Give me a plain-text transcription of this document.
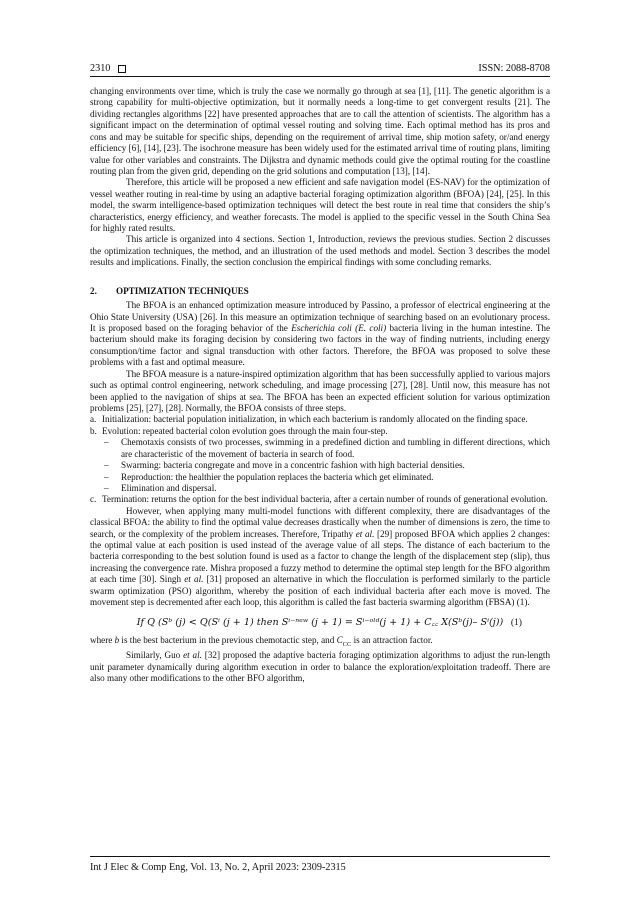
2310	ISSN: 2088-8708

changing environments over time, which is truly the case we normally go through at sea [1], [11]. The genetic algorithm is a strong capability for multi-objective optimization, but it normally needs a long-time to get convergent results [21]. The dividing rectangles algorithms [22] have presented approaches that are to call the attention of scientists. The algorithm has a significant impact on the determination of optimal vessel routing and solving time. Each optimal method has its pros and cons and may be suitable for specific ships, depending on the requirement of arrival time, ship motion safety, or/and energy efficiency [6], [14], [23]. The isochrone measure has been widely used for the estimated arrival time of routing plans, limiting value for other variables and constraints. The Dijkstra and dynamic methods could give the optimal routing for the coastline routing plan from the given grid, depending on the grid solutions and computation [13], [14].

Therefore, this article will be proposed a new efficient and safe navigation model (ES-NAV) for the optimization of vessel weather routing in real-time by using an adaptive bacterial foraging optimization algorithm (BFOA) [24], [25]. In this model, the swarm intelligence-based optimization techniques will detect the best route in real time that considers the ship’s characteristics, energy efficiency, and weather forecasts. The model is applied to the specific vessel in the South China Sea for highly rated results.

This article is organized into 4 sections. Section 1, Introduction, reviews the previous studies. Section 2 discusses the optimization techniques, the method, and an illustration of the used methods and model. Section 3 describes the model results and implications. Finally, the section conclusion the empirical findings with some concluding remarks.

2.	OPTIMIZATION TECHNIQUES

The BFOA is an enhanced optimization measure introduced by Passino, a professor of electrical engineering at the Ohio State University (USA) [26]. In this measure an optimization technique of searching based on an evolutionary process. It is proposed based on the foraging behavior of the Escherichia coli (E. coli) bacteria living in the human intestine. The bacterium should make its foraging decision by considering two factors in the way of finding nutrients, including energy consumption/time factor and signal transduction with other factors. Therefore, the BFOA was proposed to solve these problems with a fast and optimal measure.

The BFOA measure is a nature-inspired optimization algorithm that has been successfully applied to various majors such as optimal control engineering, network scheduling, and image processing [27], [28]. Until now, this measure has not been applied to the navigation of ships at sea. The BFOA has been an expected efficient solution for various optimization problems [25], [27], [28]. Normally, the BFOA consists of three steps.

a. Initialization: bacterial population initialization, in which each bacterium is randomly allocated on the finding space.
b. Evolution: repeated bacterial colon evolution goes through the main four-step.
–	Chemotaxis consists of two processes, swimming in a predefined diction and tumbling in different directions, which are characteristic of the movement of bacteria in search of food.
–	Swarming: bacteria congregate and move in a concentric fashion with high bacterial densities.
–	Reproduction: the healthier the population replaces the bacteria which get eliminated.
–	Elimination and dispersal.
c. Termination: returns the option for the best individual bacteria, after a certain number of rounds of generational evolution.

However, when applying many multi-model functions with different complexity, there are disadvantages of the classical BFOA: the ability to find the optimal value decreases drastically when the number of dimensions is zero, the time to search, or the complexity of the problem increases. Therefore, Tripathy et al. [29] proposed BFOA which applies 2 changes: the optimal value at each position is used instead of the average value of all steps. The distance of each bacterium to the bacteria corresponding to the best solution found is used as a factor to change the length of the displacement step (slip), thus increasing the convergence rate. Mishra proposed a fuzzy method to determine the optimal step length for the BFO algorithm at each time [30]. Singh et al. [31] proposed an alternative in which the flocculation is performed similarly to the particle swarm optimization (PSO) algorithm, whereby the position of each individual bacteria after each move is moved. The movement step is decremented after each loop, this algorithm is called the fast bacteria swarming algorithm (FBSA) (1).

If Q (Sᵇ (j) < Q(Sⁱ (j + 1) then Sⁱ⁻ⁿᵉʷ (j + 1) = Sⁱ⁻ᵒˡᵈ(j + 1) + C꜀꜀ X(Sᵇ(j)– Sⁱ(j)) (1)

where b is the best bacterium in the previous chemotactic step, and $C_{CC}$ is an attraction factor.

Similarly, Guo et al. [32] proposed the adaptive bacteria foraging optimization algorithms to adjust the run-length unit parameter dynamically during algorithm execution in order to balance the exploration/exploitation tradeoff. There are also many other modifications to the other BFO algorithm,

Int J Elec & Comp Eng, Vol. 13, No. 2, April 2023: 2309-2315
